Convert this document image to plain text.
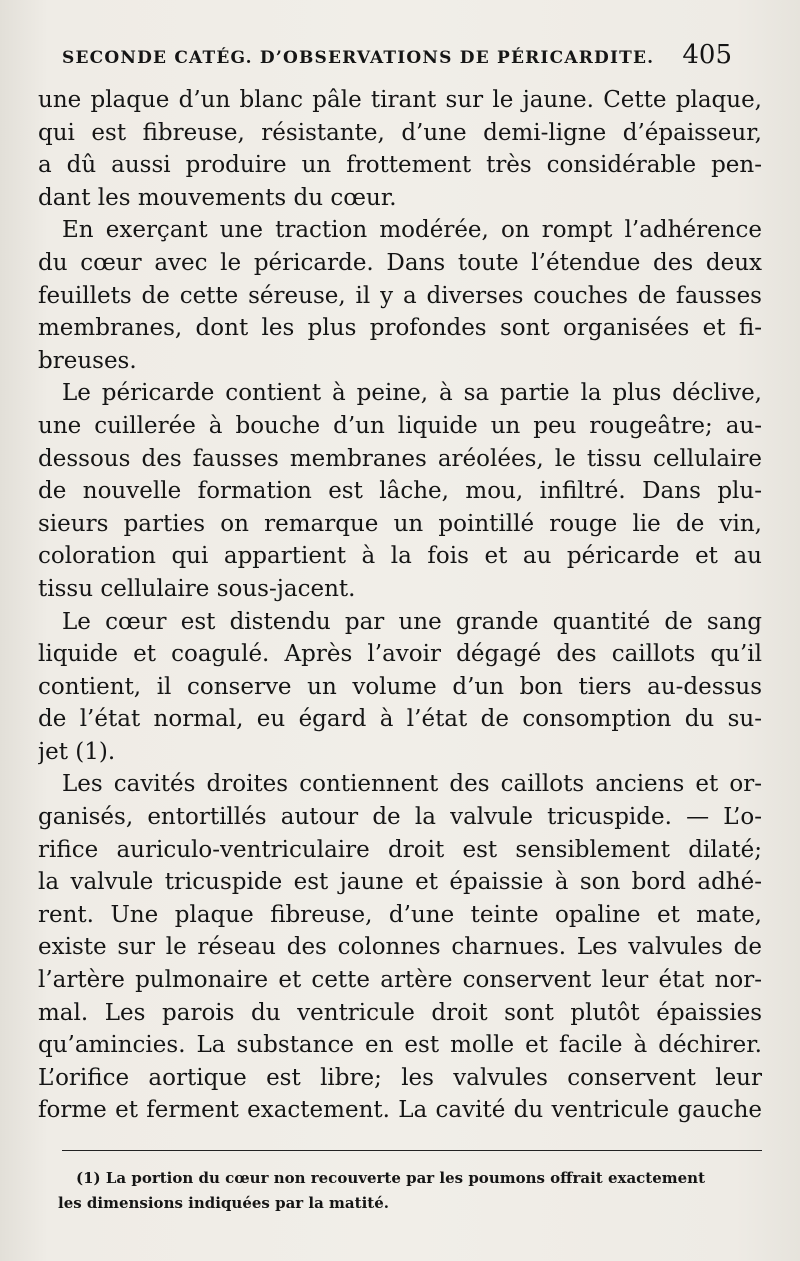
SECONDE CATÉG. D’OBSERVATIONS DE PÉRICARDITE. 405
une plaque d’un blanc pâle tirant sur le jaune. Cette plaque,
qui est fibreuse, résistante, d’une demi-ligne d’épaisseur,
a dû aussi produire un frottement très considérable pen-
dant les mouvements du cœur.
En exerçant une traction modérée, on rompt l’adhérence
du cœur avec le péricarde. Dans toute l’étendue des deux
feuillets de cette séreuse, il y a diverses couches de fausses
membranes, dont les plus profondes sont organisées et fi-
breuses.
Le péricarde contient à peine, à sa partie la plus déclive,
une cuillerée à bouche d’un liquide un peu rougeâtre; au-
dessous des fausses membranes aréolées, le tissu cellulaire
de nouvelle formation est lâche, mou, infiltré. Dans plu-
sieurs parties on remarque un pointillé rouge lie de vin,
coloration qui appartient à la fois et au péricarde et au
tissu cellulaire sous-jacent.
Le cœur est distendu par une grande quantité de sang
liquide et coagulé. Après l’avoir dégagé des caillots qu’il
contient, il conserve un volume d’un bon tiers au-dessus
de l’état normal, eu égard à l’état de consomption du su-
jet (1).
Les cavités droites contiennent des caillots anciens et or-
ganisés, entortillés autour de la valvule tricuspide. — L’o-
rifice auriculo-ventriculaire droit est sensiblement dilaté;
la valvule tricuspide est jaune et épaissie à son bord adhé-
rent. Une plaque fibreuse, d’une teinte opaline et mate,
existe sur le réseau des colonnes charnues. Les valvules de
l’artère pulmonaire et cette artère conservent leur état nor-
mal. Les parois du ventricule droit sont plutôt épaissies
qu’amincies. La substance en est molle et facile à déchirer.
L’orifice aortique est libre; les valvules conservent leur
forme et ferment exactement. La cavité du ventricule gauche
(1) La portion du cœur non recouverte par les poumons offrait exactement
les dimensions indiquées par la matité.
